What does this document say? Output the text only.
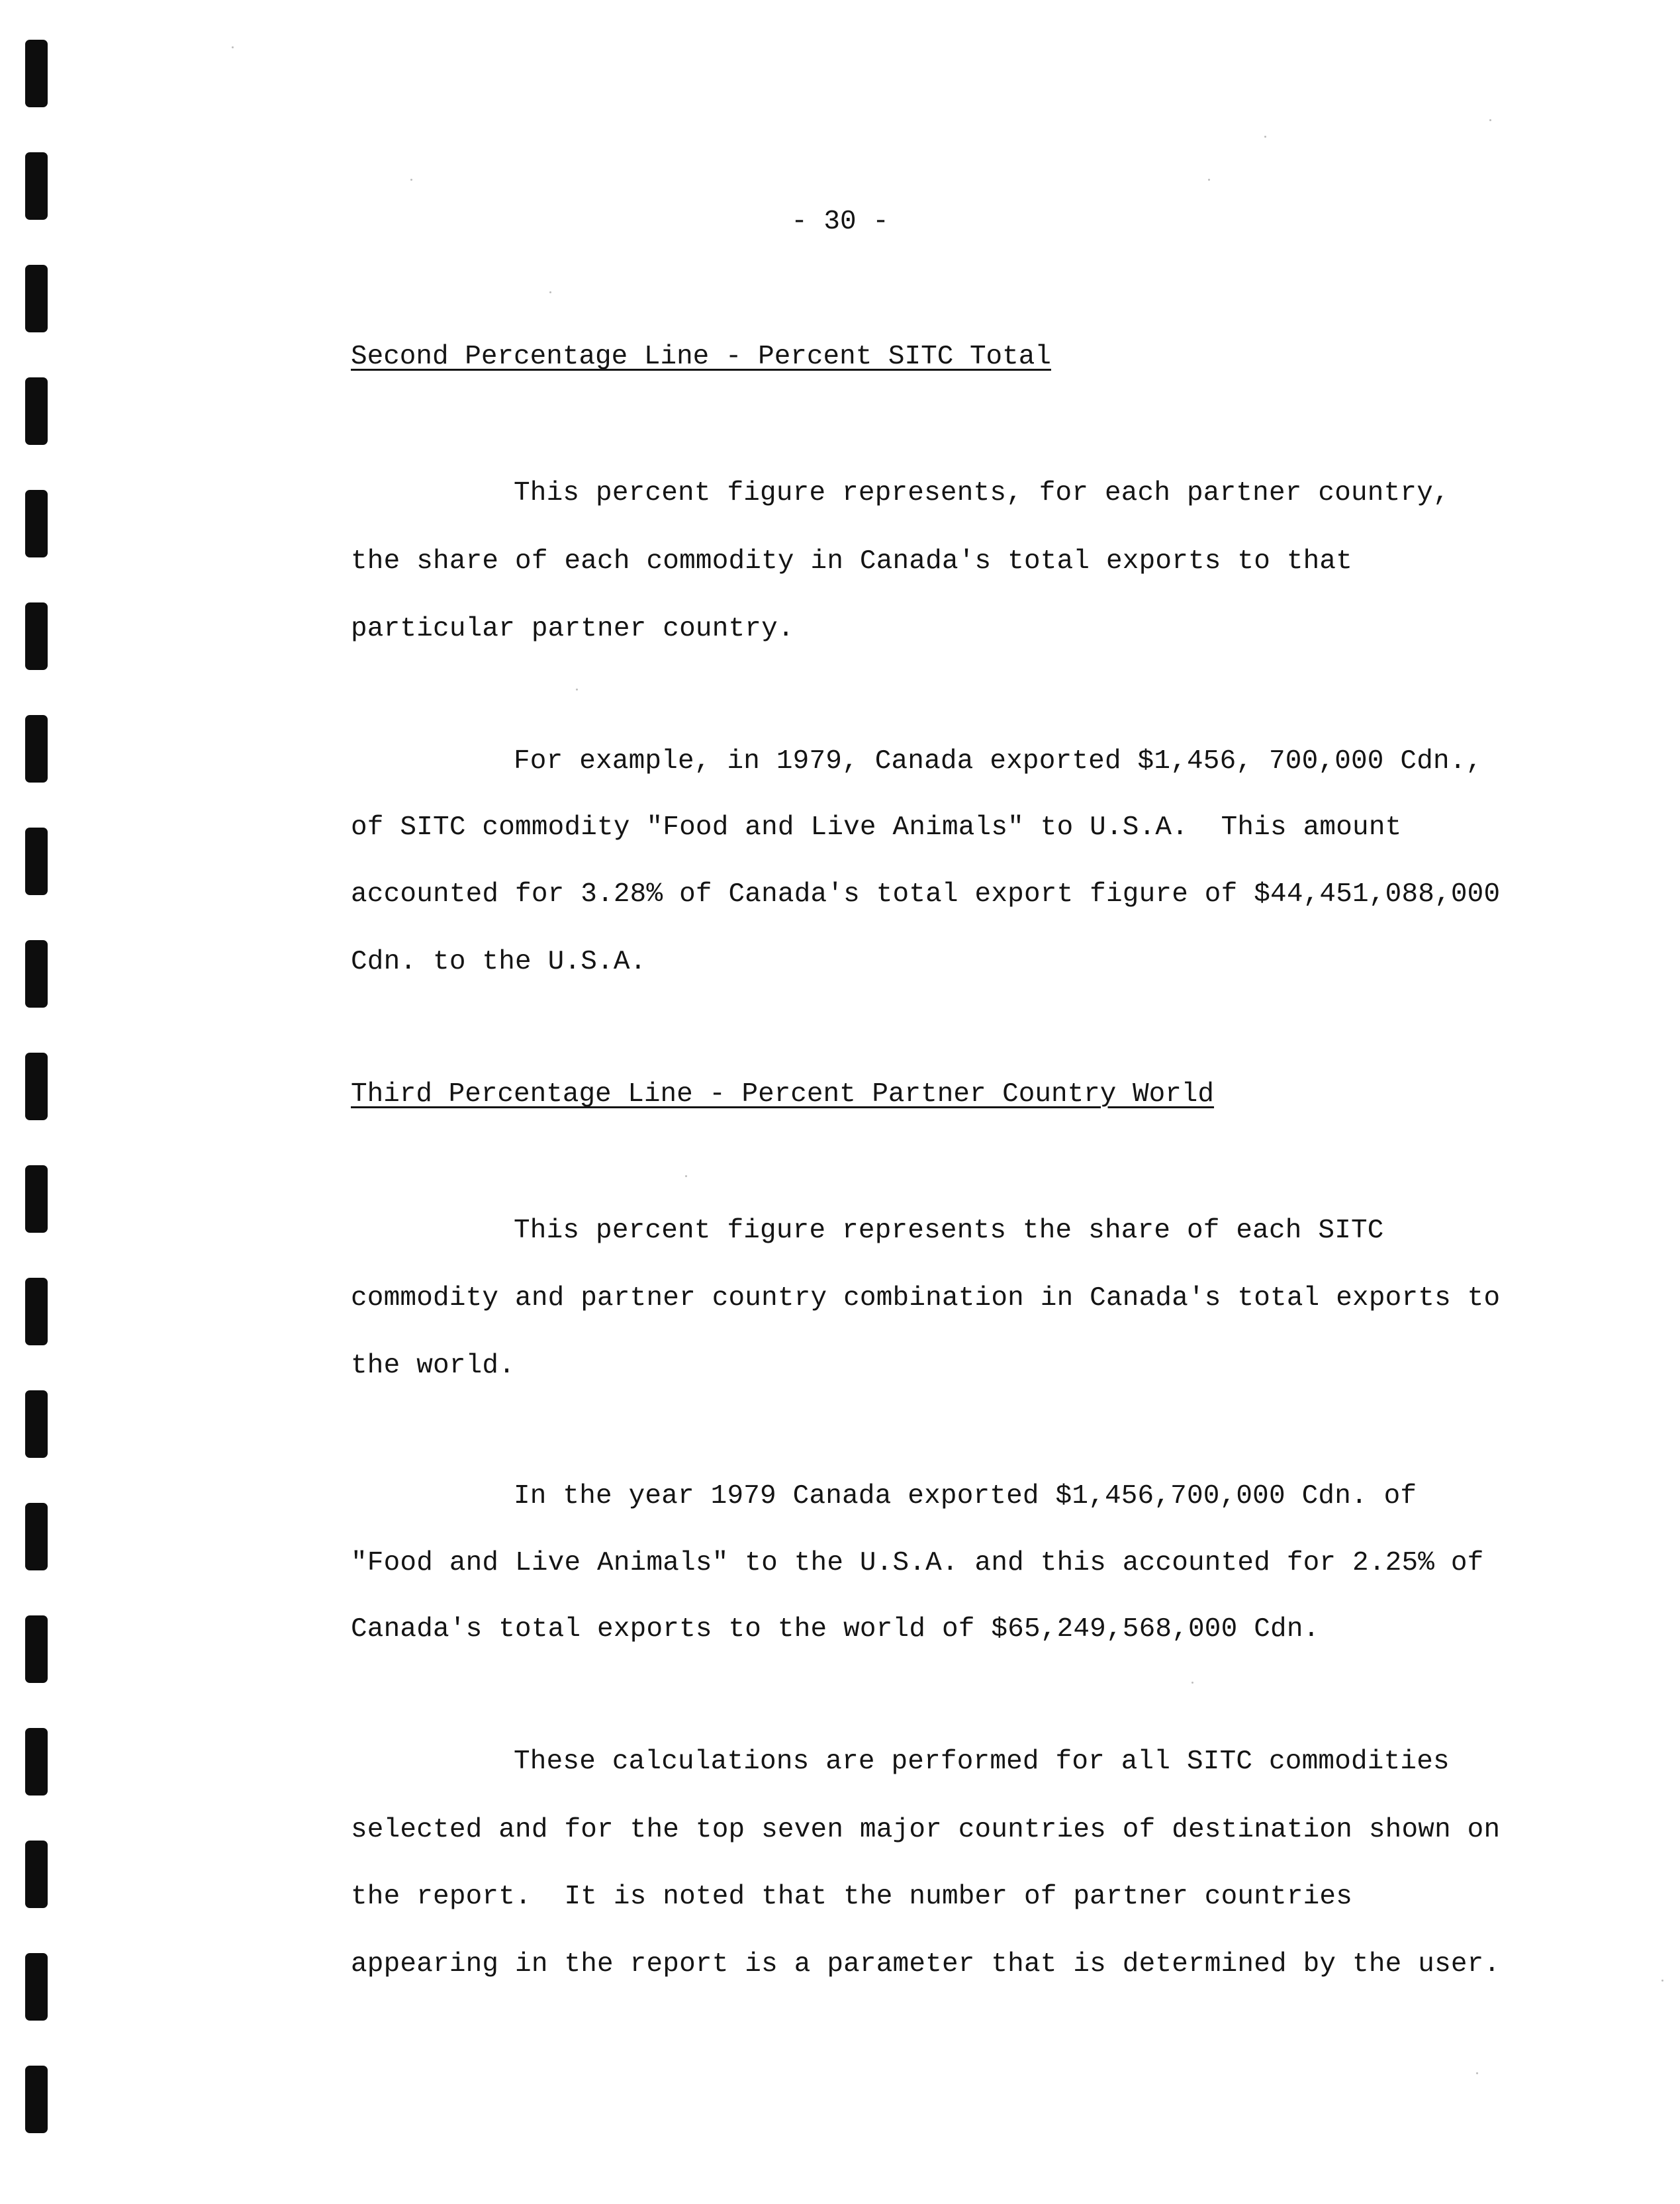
- 30 -
Second Percentage Line - Percent SITC Total
This percent figure represents, for each partner country,
the share of each commodity in Canada's total exports to that
particular partner country.
For example, in 1979, Canada exported $1,456, 700,000 Cdn.,
of SITC commodity "Food and Live Animals" to U.S.A.  This amount
accounted for 3.28% of Canada's total export figure of $44,451,088,000
Cdn. to the U.S.A.
Third Percentage Line - Percent Partner Country World
This percent figure represents the share of each SITC
commodity and partner country combination in Canada's total exports to
the world.
In the year 1979 Canada exported $1,456,700,000 Cdn. of
"Food and Live Animals" to the U.S.A. and this accounted for 2.25% of
Canada's total exports to the world of $65,249,568,000 Cdn.
These calculations are performed for all SITC commodities
selected and for the top seven major countries of destination shown on
the report.  It is noted that the number of partner countries
appearing in the report is a parameter that is determined by the user.
